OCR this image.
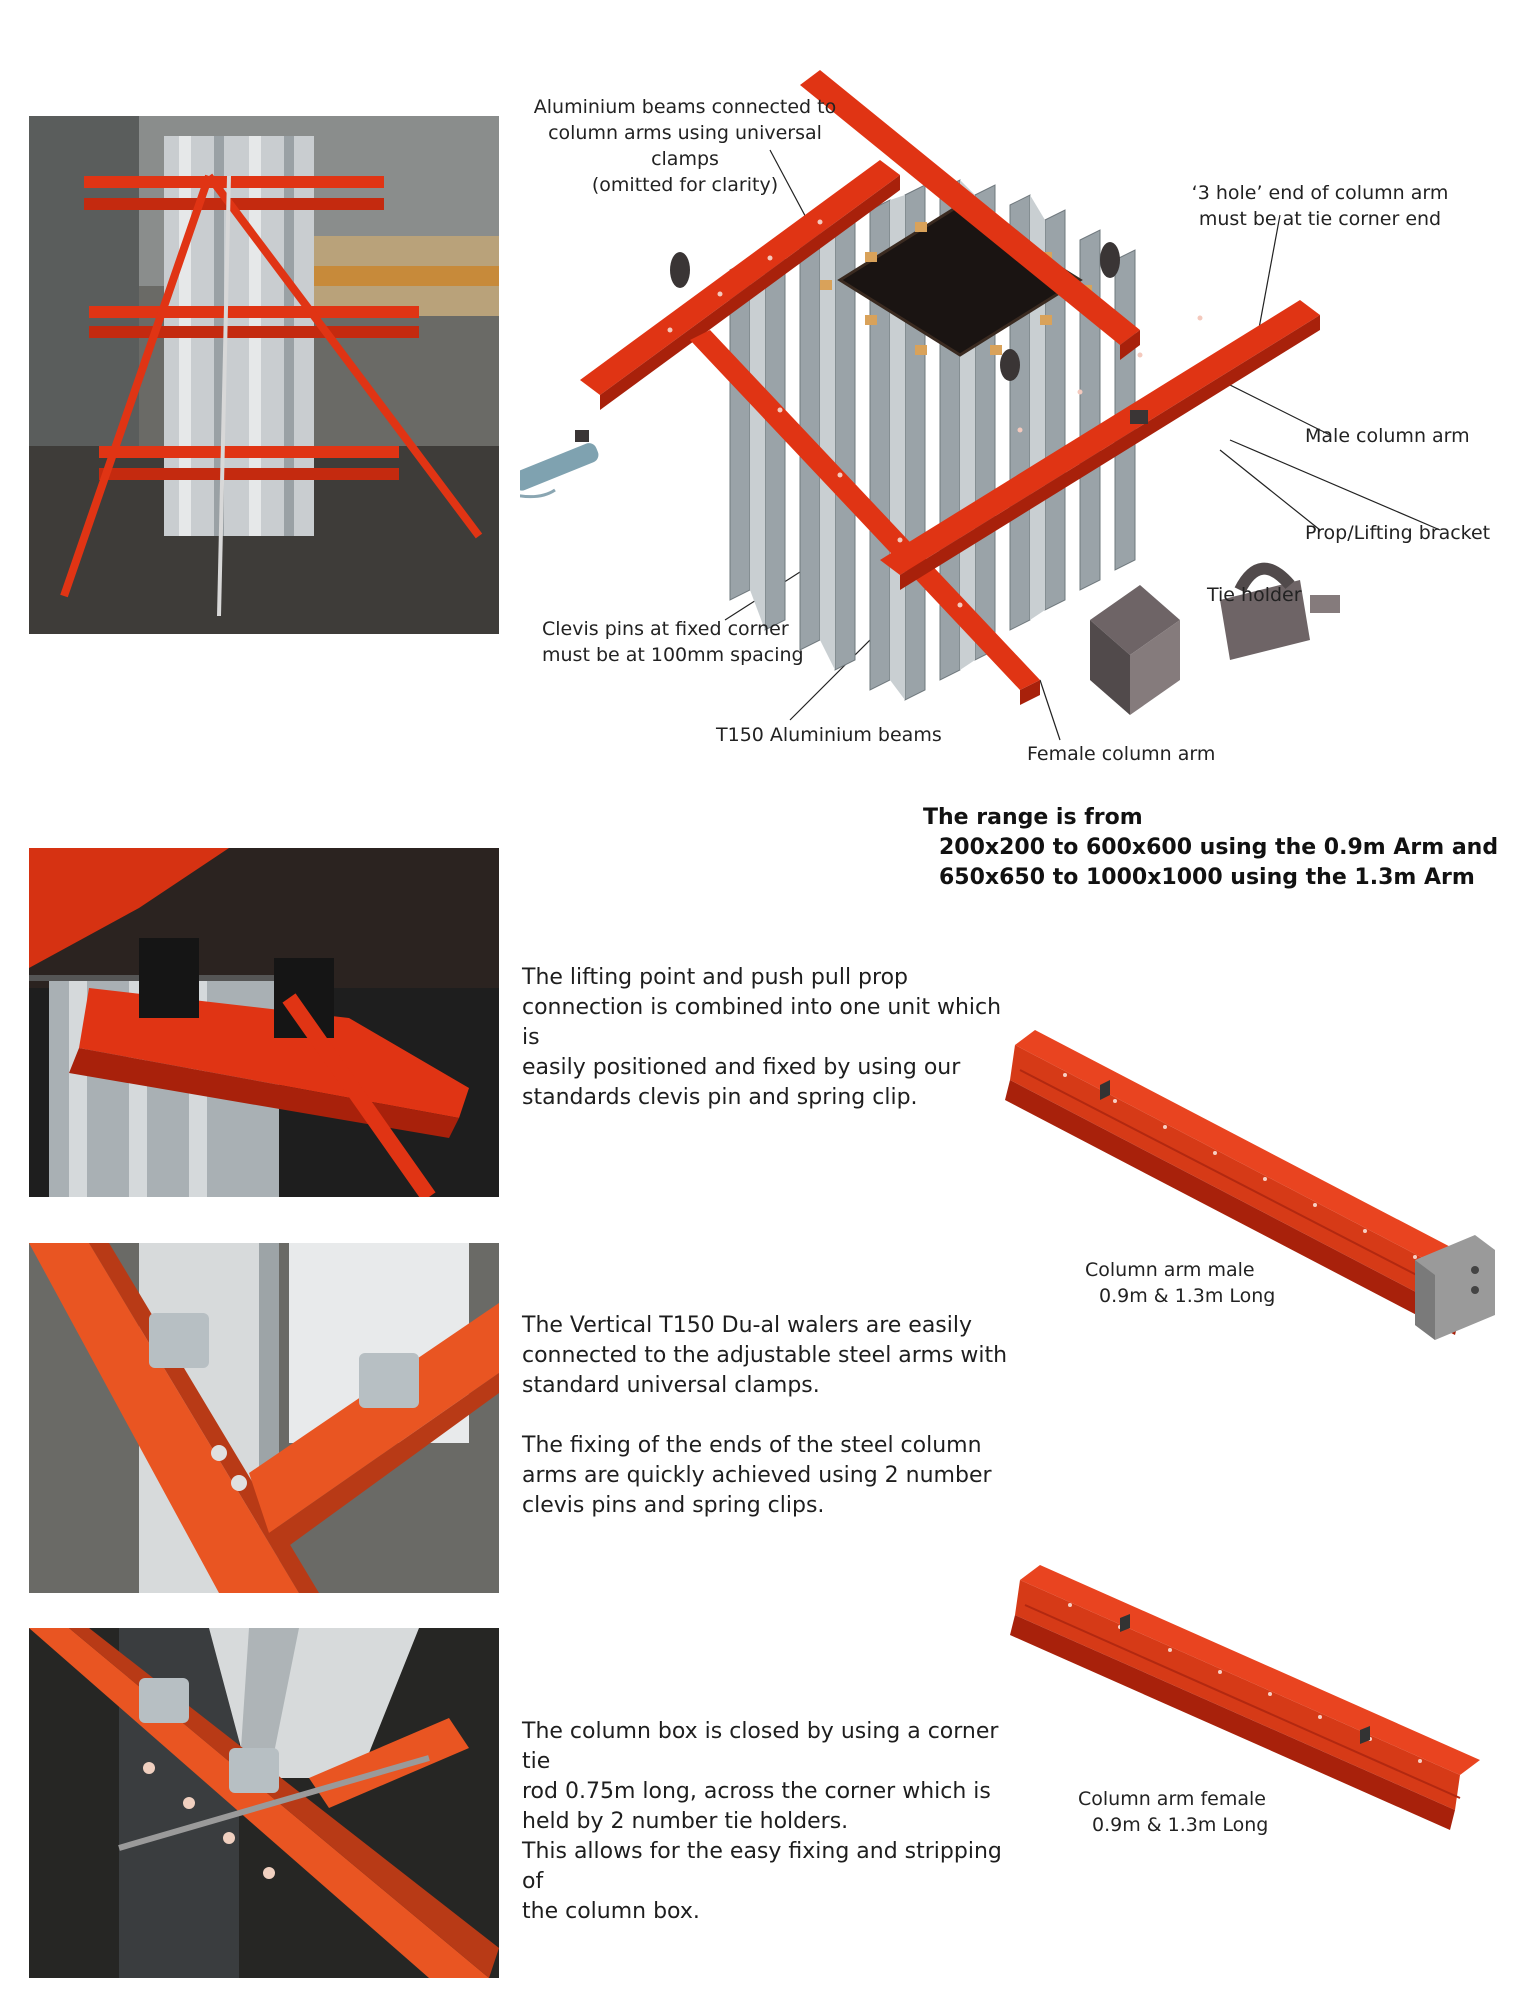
Aluminium beams connected to
column arms using universal clamps
(omitted for clarity)	‘3 hole’ end of column arm
must be at tie corner end
Male column arm
Prop/Lifting bracket
Tie holder
Clevis pins at fixed corner
must be at 100mm spacing
T150 Aluminium beams
Female column arm
The range is from
200x200 to 600x600 using the 0.9m Arm and
650x650 to 1000x1000 using the 1.3m Arm
The lifting point and push pull prop
connection is combined into one unit which is
easily positioned and fixed by using our
standards clevis pin and spring clip.
Column arm male
0.9m & 1.3m Long
The Vertical T150 Du-al walers are easily
connected to the adjustable steel arms with
standard universal clamps.
The fixing of the ends of the steel column
arms are quickly achieved using 2 number
clevis pins and spring clips.
Column arm female
0.9m & 1.3m Long
The column box is closed by using a corner tie
rod 0.75m long, across the corner which is
held by 2 number tie holders.
This allows for the easy fixing and stripping of
the column box.
